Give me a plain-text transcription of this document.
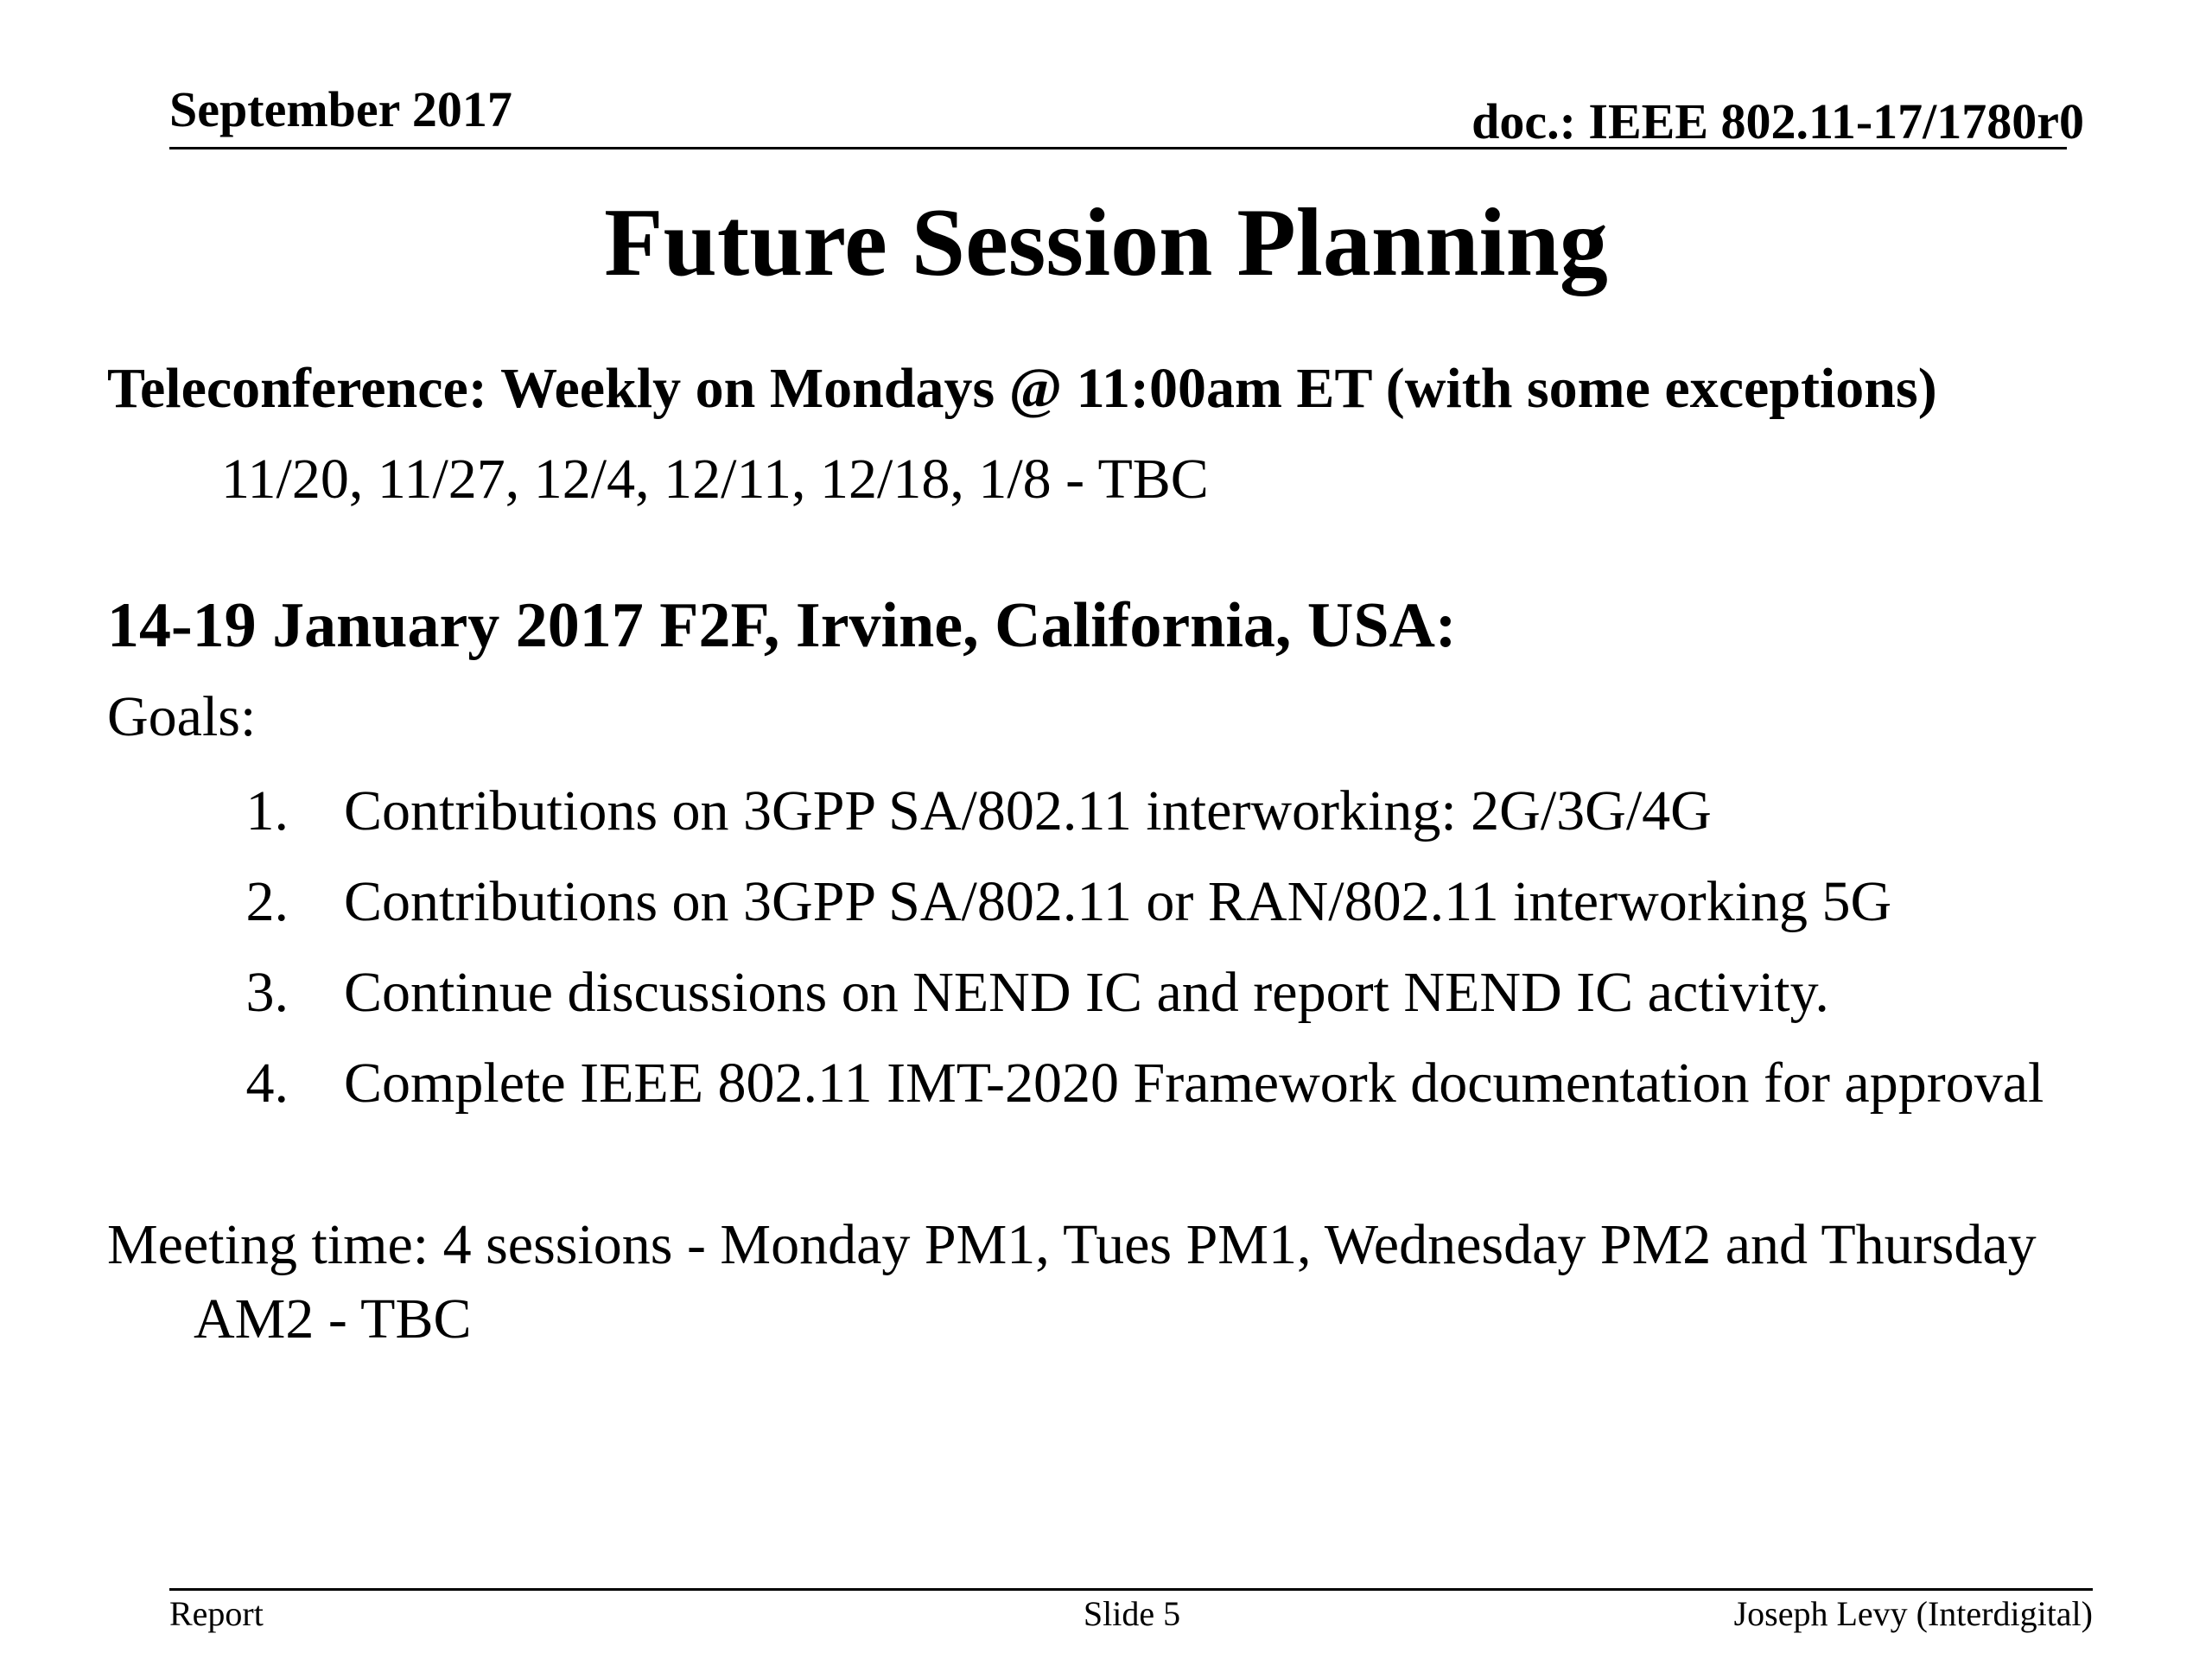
September 2017	doc.: IEEE 802.11-17/1780r0
Future Session Planning
Teleconference: Weekly on Mondays @ 11:00am ET (with some exceptions)
11/20, 11/27, 12/4, 12/11, 12/18, 1/8 - TBC
14-19 January 2017 F2F, Irvine, California, USA:
Goals:
1. Contributions on 3GPP SA/802.11 interworking: 2G/3G/4G
2. Contributions on 3GPP SA/802.11 or RAN/802.11 interworking 5G
3. Continue discussions on NEND IC and report NEND IC activity.
4. Complete IEEE 802.11 IMT-2020 Framework documentation for approval
Meeting time: 4 sessions - Monday PM1, Tues PM1, Wednesday PM2 and Thursday AM2 - TBC
Report	Slide 5	Joseph Levy (Interdigital)
